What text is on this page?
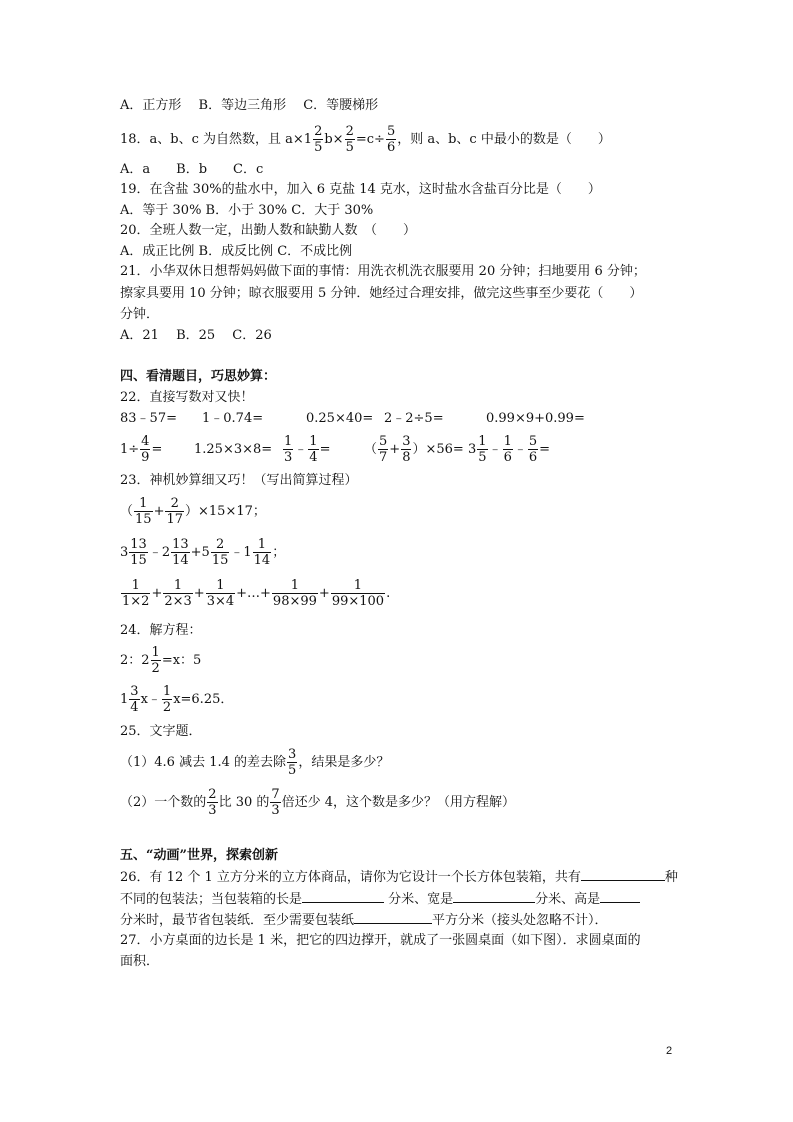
A．正方形　 B．等边三角形　 C．等腰梯形
18．a、b、c 为自然数，且 $a\times 1 \frac{2}{5} b\times \frac{2}{5} =c\div \frac{5}{6}$ ，则 a、b、c 中最小的数是（　　）
A．a　　B．b　　C．c
19．在含盐 30%的盐水中，加入 6 克盐 14 克水，这时盐水含盐百分比是（　　）
A．等于 30% B．小于 30% C．大于 30%
20．全班人数一定，出勤人数和缺勤人数　（　　）
A．成正比例 B．成反比例 C．不成比例
21．小华双休日想帮妈妈做下面的事情：用洗衣机洗衣服要用 20 分钟；扫地要用 6 分钟；
擦家具要用 10 分钟；晾衣服要用 5 分钟．她经过合理安排，做完这些事至少要花（　　）
分钟．
A．21　 B．25　 C．26
四、看清题目，巧思妙算：
22．直接写数对又快！
83﹣57= 1﹣0.74=	0.25×40= 2﹣2÷5=	0.99×9+0.99=
$1\div \frac{4}{9} = 1.25\times 3\times 8= \frac{1}{3}$ ﹣ $\frac{1}{4}$ =	（ $\frac{5}{7} + \frac{3}{8} )\times 56= 3 \frac{1}{5}$ ﹣ $\frac{1}{6}$ ﹣ $\frac{5}{6}$ =
23．神机妙算细又巧！（写出简算过程）
（ $\frac{1}{15} + \frac{2}{17} )\times 15\times 17$；
$3 \frac{13}{15}$ ﹣2 $\frac{13}{14} +5 \frac{2}{15}$ ﹣1 $\frac{1}{14}$ ；
$\frac{1}{1\times 2} + \frac{1}{2\times 3} + \frac{1}{3\times 4}$ +…+ $\frac{1}{98\times 99} + \frac{1}{99\times 100}$ .
24．解方程：
2：$2 \frac{1}{2} =x$：5
$1 \frac{3}{4}$ x﹣ $\frac{1}{2} x=6.25$．
25．文字题．
（1）4.6 减去 1.4 的差去除 $\frac{3}{5}$ ，结果是多少？
（2）一个数的 $\frac{2}{3}$ 比 30 的 $\frac{7}{3}$ 倍还少 4，这个数是多少？（用方程解）
五、“动画”世界，探索创新
26．有 12 个 1 立方分米的立方体商品，请你为它设计一个长方体包装箱，共有	种
不同的包装法；当包装箱的长是	分米、宽是	分米、高是
分米时，最节省包装纸．至少需要包装纸	平方分米（接头处忽略不计）．
27．小方桌面的边长是 1 米，把它的四边撑开，就成了一张圆桌面（如下图）．求圆桌面的
面积．
2
